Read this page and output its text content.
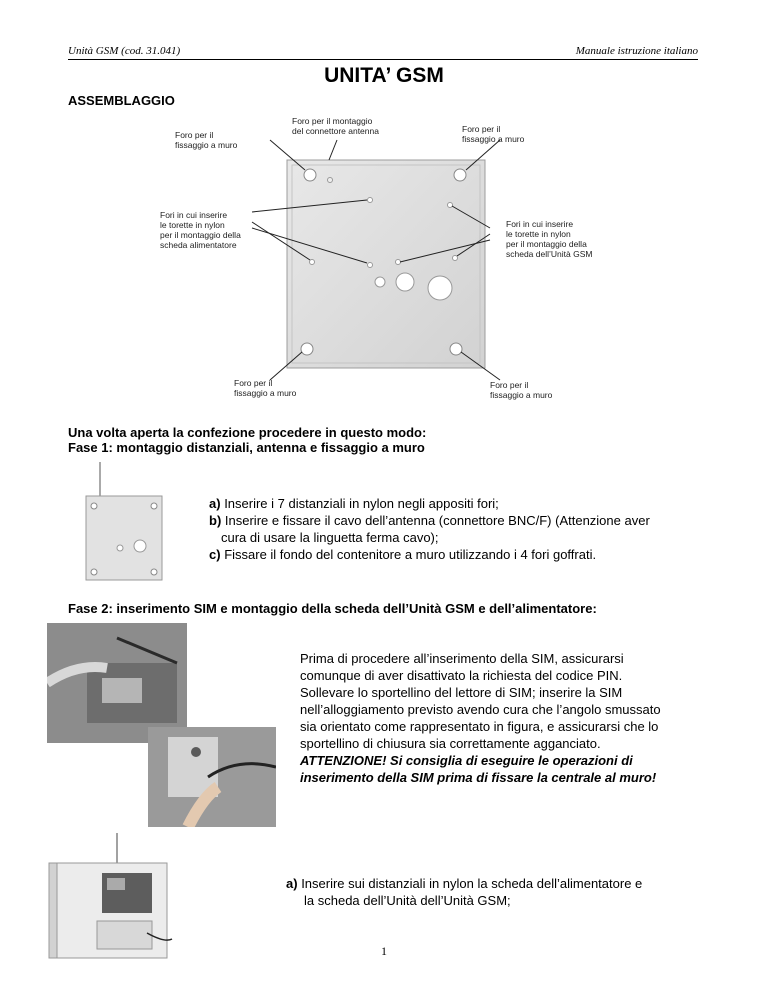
Unità GSM (cod. 31.041)	Manuale istruzione italiano
UNITA’ GSM
ASSEMBLAGGIO
Foro per il
fissaggio a muro
Foro per il montaggio
del connettore antenna	Foro per il
fissaggio a muro
Fori in cui inserire
le torette in nylon
per il montaggio della
scheda alimentatore
Fori in cui inserire
le torette in nylon
per il montaggio della
scheda dell’Unità GSM
Foro per il
fissaggio a muro
Foro per il
fissaggio a muro
Una volta aperta la confezione procedere in questo modo:
Fase 1: montaggio distanziali, antenna e fissaggio a muro
a) Inserire i 7 distanziali in nylon negli appositi fori;
b) Inserire e fissare il cavo dell’antenna (connettore BNC/F) (Attenzione aver
cura di usare la linguetta ferma cavo);
c) Fissare il fondo del contenitore a muro utilizzando i 4 fori goffrati.
Fase 2: inserimento SIM e montaggio della scheda dell’Unità GSM e dell’alimentatore:
Prima di procedere all’inserimento della SIM, assicurarsi
comunque di aver disattivato la richiesta del codice PIN.
Sollevare lo sportellino del lettore di SIM; inserire la SIM
nell’alloggiamento previsto avendo cura che l’angolo smussato
sia orientato come rappresentato in figura, e assicurarsi che lo
sportellino di chiusura sia correttamente agganciato.
ATTENZIONE! Si consiglia di eseguire le operazioni di
inserimento della SIM prima di fissare la centrale al muro!
a) Inserire sui distanziali in nylon la scheda dell’alimentatore e
la scheda dell’Unità dell’Unità GSM;
1
